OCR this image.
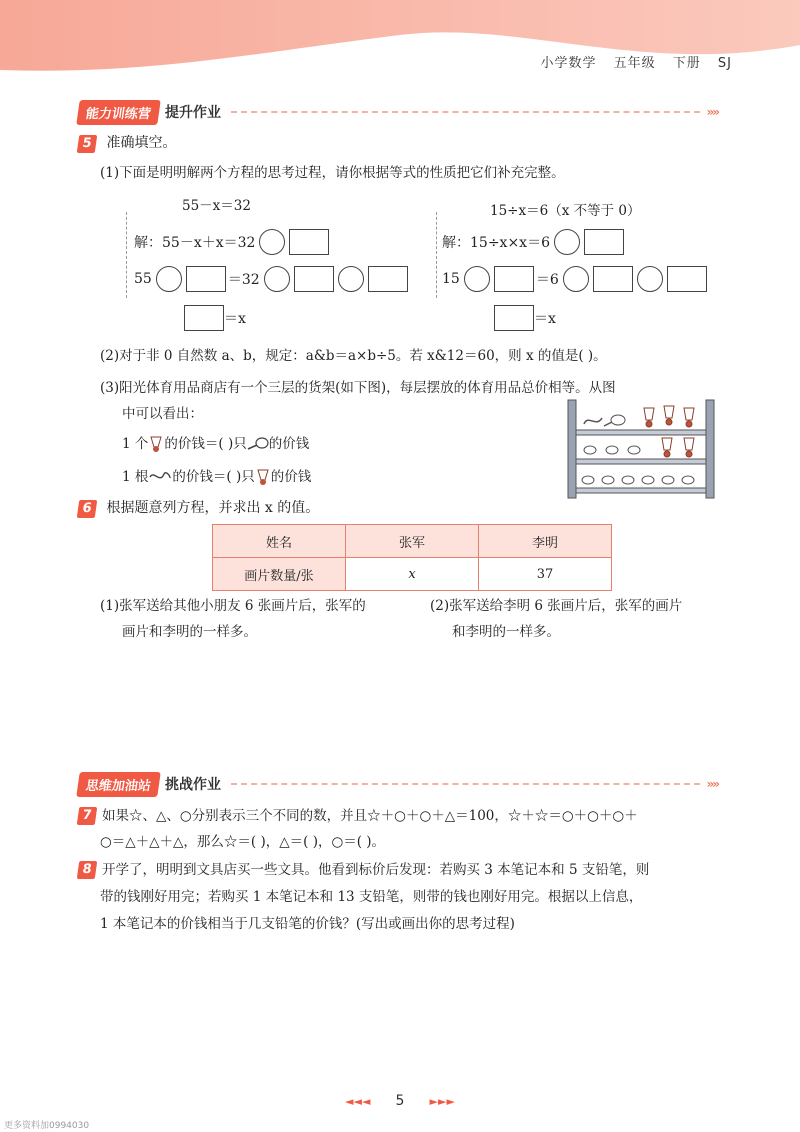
小学数学 五年级 下册 SJ
能力训练营 提升作业	»»
5 准确填空。
(1)下面是明明解两个方程的思考过程，请你根据等式的性质把它们补充完整。
55－x＝32
解：55－x＋x＝32
55	＝32
＝x
15÷x＝6（x 不等于 0）
解：15÷x×x＝6
15	＝6
＝x
(2)对于非 0 自然数 a、b，规定：a&b＝a×b÷5。若 x&12＝60，则 x 的值是( )。
(3)阳光体育用品商店有一个三层的货架(如下图)，每层摆放的体育用品总价相等。从图
中可以看出：
1 个 的价钱＝( )只 的价钱
1 根 的价钱＝( )只 的价钱
6 根据题意列方程，并求出 x 的值。
姓名	张军	李明
画片数量/张	x	37
(1)张军送给其他小朋友 6 张画片后，张军的
画片和李明的一样多。
(2)张军送给李明 6 张画片后，张军的画片
和李明的一样多。
思维加油站 挑战作业	»»
7 如果☆、△、○分别表示三个不同的数，并且☆＋○＋○＋△＝100，☆＋☆＝○＋○＋○＋
○＝△＋△＋△，那么☆＝( )，△＝( )，○＝( )。
8 开学了，明明到文具店买一些文具。他看到标价后发现：若购买 3 本笔记本和 5 支铅笔，则
带的钱刚好用完；若购买 1 本笔记本和 13 支铅笔，则带的钱也刚好用完。根据以上信息，
1 本笔记本的价钱相当于几支铅笔的价钱？(写出或画出你的思考过程)
◄◄◄ 5 ►►►
更多资料加0994030
